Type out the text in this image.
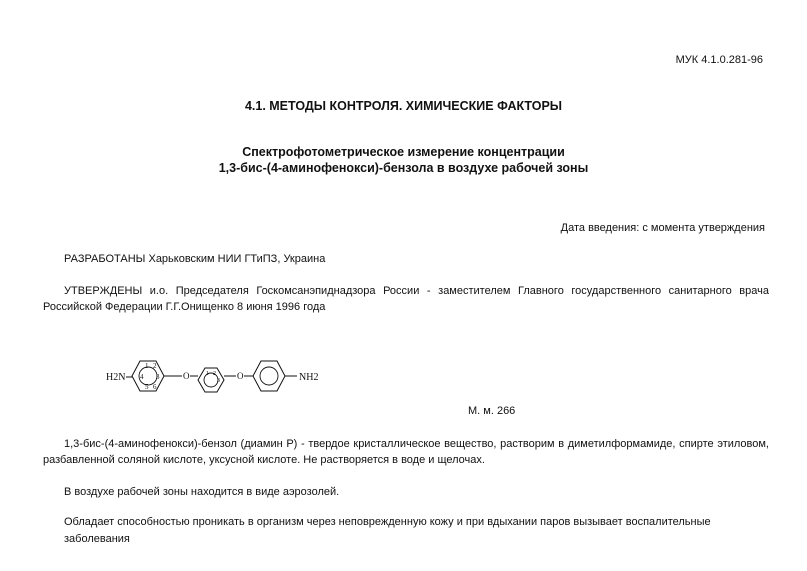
МУК 4.1.0.281-96
4.1. МЕТОДЫ КОНТРОЛЯ. ХИМИЧЕСКИЕ ФАКТОРЫ
Спектрофотометрическое измерение концентрации
1,3-бис-(4-аминофенокси)-бензола в воздухе рабочей зоны
Дата введения: с момента утверждения
РАЗРАБОТАНЫ Харьковским НИИ ГТиПЗ, Украина
УТВЕРЖДЕНЫ и.о. Председателя Госкомсанэпиднадзора России - заместителем Главного государственного санитарного врача
Российской Федерации Г.Г.Онищенко 8 июня 1996 года
H2N
1 2
3
4
5 6
O	1 2
3 O	NH2
М. м. 266
1,3-бис-(4-аминофенокси)-бензол (диамин Р) - твердое кристаллическое вещество, растворим в диметилформамиде, спирте этиловом,
разбавленной соляной кислоте, уксусной кислоте. Не растворяется в воде и щелочах.
В воздухе рабочей зоны находится в виде аэрозолей.
Обладает способностью проникать в организм через неповрежденную кожу и при вдыхании паров вызывает воспалительные заболевания
